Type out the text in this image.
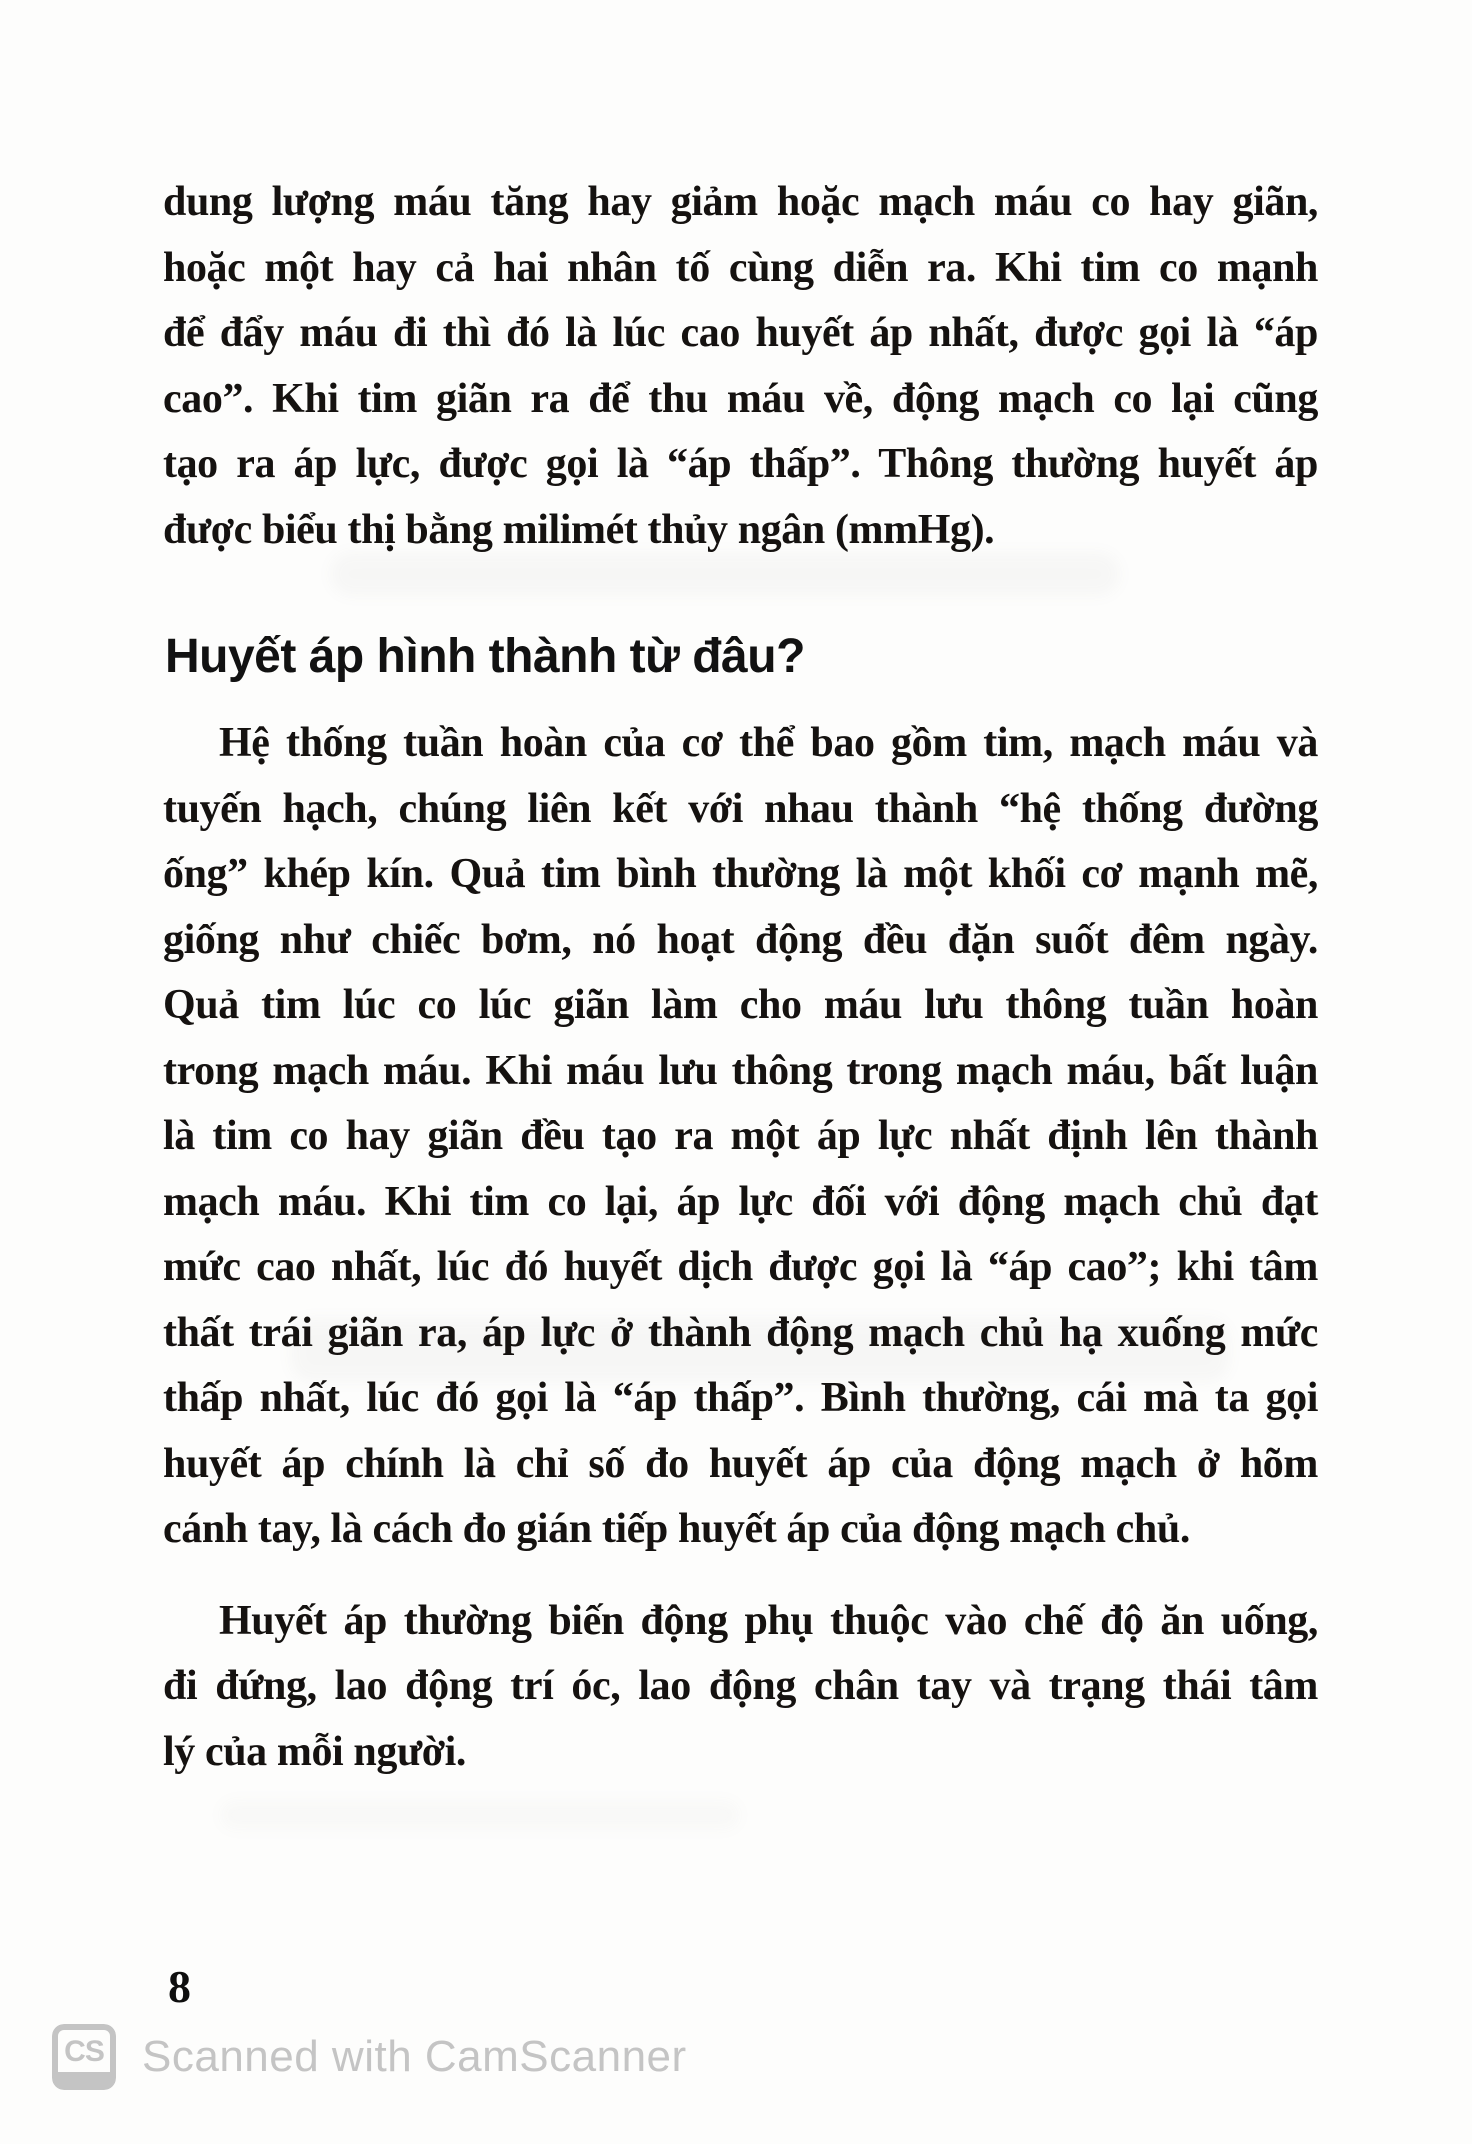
dung lượng máu tăng hay giảm hoặc mạch máu co hay giãn,
hoặc một hay cả hai nhân tố cùng diễn ra. Khi tim co mạnh
để đẩy máu đi thì đó là lúc cao huyết áp nhất, được gọi là “áp
cao”. Khi tim giãn ra để thu máu về, động mạch co lại cũng
tạo ra áp lực, được gọi là “áp thấp”. Thông thường huyết áp
được biểu thị bằng milimét thủy ngân (mmHg).
Huyết áp hình thành từ đâu?
Hệ thống tuần hoàn của cơ thể bao gồm tim, mạch máu và
tuyến hạch, chúng liên kết với nhau thành “hệ thống đường
ống” khép kín. Quả tim bình thường là một khối cơ mạnh mẽ,
giống như chiếc bơm, nó hoạt động đều đặn suốt đêm ngày.
Quả tim lúc co lúc giãn làm cho máu lưu thông tuần hoàn
trong mạch máu. Khi máu lưu thông trong mạch máu, bất luận
là tim co hay giãn đều tạo ra một áp lực nhất định lên thành
mạch máu. Khi tim co lại, áp lực đối với động mạch chủ đạt
mức cao nhất, lúc đó huyết dịch được gọi là “áp cao”; khi tâm
thất trái giãn ra, áp lực ở thành động mạch chủ hạ xuống mức
thấp nhất, lúc đó gọi là “áp thấp”. Bình thường, cái mà ta gọi
huyết áp chính là chỉ số đo huyết áp của động mạch ở hõm
cánh tay, là cách đo gián tiếp huyết áp của động mạch chủ.
Huyết áp thường biến động phụ thuộc vào chế độ ăn uống,
đi đứng, lao động trí óc, lao động chân tay và trạng thái tâm
lý của mỗi người.
8
CS Scanned with CamScanner
